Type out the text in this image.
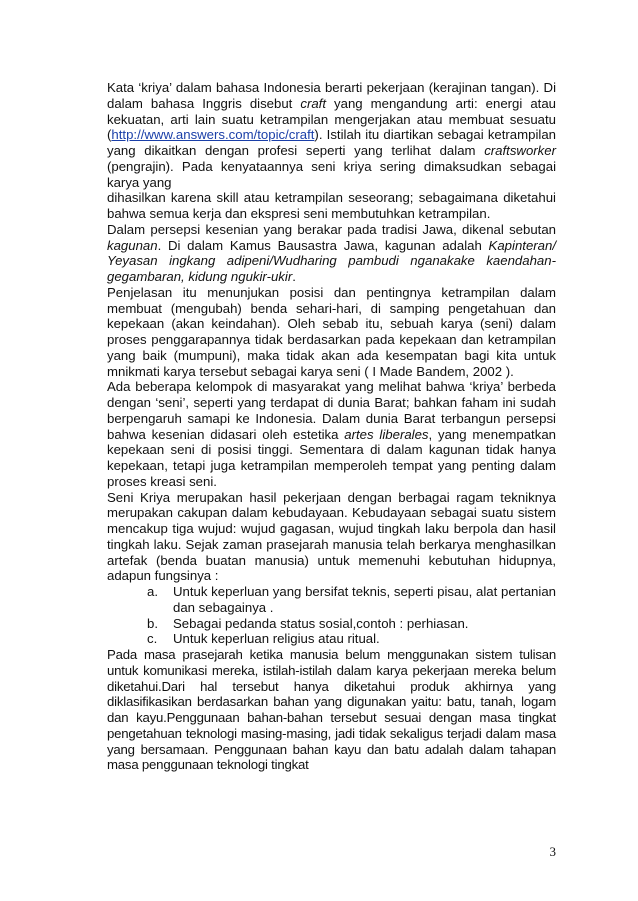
Kata ‘kriya’ dalam bahasa Indonesia berarti pekerjaan (kerajinan tangan). Di dalam bahasa Inggris disebut craft yang mengandung arti: energi atau kekuatan, arti lain suatu ketrampilan mengerjakan atau membuat sesuatu (http://www.answers.com/topic/craft). Istilah itu diartikan sebagai ketrampilan yang dikaitkan dengan profesi seperti yang terlihat dalam craftsworker (pengrajin). Pada kenyataannya seni kriya sering dimaksudkan sebagai karya yang
dihasilkan karena skill atau ketrampilan seseorang; sebagaimana diketahui bahwa semua kerja dan ekspresi seni membutuhkan ketrampilan.

Dalam persepsi kesenian yang berakar pada tradisi Jawa, dikenal sebutan kagunan. Di dalam Kamus Bausastra Jawa, kagunan adalah Kapinteran/ Yeyasan ingkang adipeni/Wudharing pambudi nganakake kaendahan-gegambaran, kidung ngukir-ukir.

Penjelasan itu menunjukan posisi dan pentingnya ketrampilan dalam membuat (mengubah) benda sehari-hari, di samping pengetahuan dan kepekaan (akan keindahan). Oleh sebab itu, sebuah karya (seni) dalam proses penggarapannya tidak berdasarkan pada kepekaan dan ketrampilan yang baik (mumpuni), maka tidak akan ada kesempatan bagi kita untuk mnikmati karya tersebut sebagai karya seni ( I Made Bandem, 2002 ).

Ada beberapa kelompok di masyarakat yang melihat bahwa ‘kriya’ berbeda dengan ‘seni’, seperti yang terdapat di dunia Barat; bahkan faham ini sudah berpengaruh samapi ke Indonesia. Dalam dunia Barat terbangun persepsi bahwa kesenian didasari oleh estetika artes liberales, yang menempatkan kepekaan seni di posisi tinggi. Sementara di dalam kagunan tidak hanya kepekaan, tetapi juga ketrampilan memperoleh tempat yang penting dalam proses kreasi seni.

Seni Kriya merupakan hasil pekerjaan dengan berbagai ragam tekniknya merupakan cakupan dalam kebudayaan. Kebudayaan sebagai suatu sistem mencakup tiga wujud: wujud gagasan, wujud tingkah laku berpola dan hasil tingkah laku. Sejak zaman prasejarah manusia telah berkarya menghasilkan artefak (benda buatan manusia) untuk memenuhi kebutuhan hidupnya, adapun fungsinya :

a. Untuk keperluan yang bersifat teknis, seperti pisau, alat pertanian dan sebagainya .
b. Sebagai pedanda status sosial,contoh : perhiasan.
c. Untuk keperluan religius atau ritual.

Pada masa prasejarah ketika manusia belum menggunakan sistem tulisan untuk komunikasi mereka, istilah-istilah dalam karya pekerjaan mereka belum diketahui.Dari hal tersebut hanya diketahui produk akhirnya yang diklasifikasikan berdasarkan bahan yang digunakan yaitu: batu, tanah, logam dan kayu.Penggunaan bahan-bahan tersebut sesuai dengan masa tingkat pengetahuan teknologi masing-masing, jadi tidak sekaligus terjadi dalam masa yang bersamaan. Penggunaan bahan kayu dan batu adalah dalam tahapan masa penggunaan teknologi tingkat

3
